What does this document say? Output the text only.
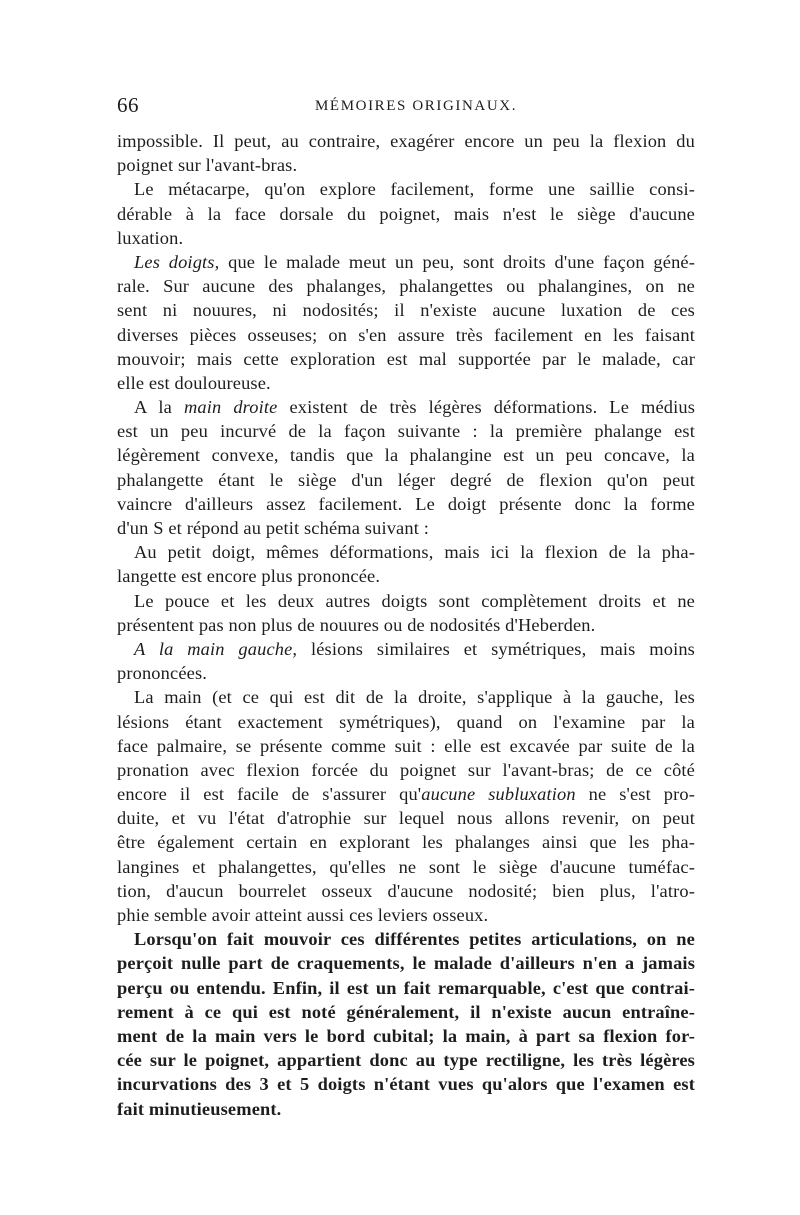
66	MÉMOIRES ORIGINAUX.
impossible. Il peut, au contraire, exagérer encore un peu la flexion du
poignet sur l'avant-bras.
Le métacarpe, qu'on explore facilement, forme une saillie consi-
dérable à la face dorsale du poignet, mais n'est le siège d'aucune
luxation.
Les doigts, que le malade meut un peu, sont droits d'une façon géné-
rale. Sur aucune des phalanges, phalangettes ou phalangines, on ne
sent ni nouures, ni nodosités; il n'existe aucune luxation de ces
diverses pièces osseuses; on s'en assure très facilement en les faisant
mouvoir; mais cette exploration est mal supportée par le malade, car
elle est douloureuse.
A la main droite existent de très légères déformations. Le médius
est un peu incurvé de la façon suivante : la première phalange est
légèrement convexe, tandis que la phalangine est un peu concave, la
phalangette étant le siège d'un léger degré de flexion qu'on peut
vaincre d'ailleurs assez facilement. Le doigt présente donc la forme
d'un S et répond au petit schéma suivant :
Au petit doigt, mêmes déformations, mais ici la flexion de la pha-
langette est encore plus prononcée.
Le pouce et les deux autres doigts sont complètement droits et ne
présentent pas non plus de nouures ou de nodosités d'Heberden.
A la main gauche, lésions similaires et symétriques, mais moins
prononcées.
La main (et ce qui est dit de la droite, s'applique à la gauche, les
lésions étant exactement symétriques), quand on l'examine par la
face palmaire, se présente comme suit : elle est excavée par suite de la
pronation avec flexion forcée du poignet sur l'avant-bras; de ce côté
encore il est facile de s'assurer qu'aucune subluxation ne s'est pro-
duite, et vu l'état d'atrophie sur lequel nous allons revenir, on peut
être également certain en explorant les phalanges ainsi que les pha-
langines et phalangettes, qu'elles ne sont le siège d'aucune tuméfac-
tion, d'aucun bourrelet osseux d'aucune nodosité; bien plus, l'atro-
phie semble avoir atteint aussi ces leviers osseux.
Lorsqu'on fait mouvoir ces différentes petites articulations, on ne
perçoit nulle part de craquements, le malade d'ailleurs n'en a jamais
perçu ou entendu. Enfin, il est un fait remarquable, c'est que contrai-
rement à ce qui est noté généralement, il n'existe aucun entraîne-
ment de la main vers le bord cubital; la main, à part sa flexion for-
cée sur le poignet, appartient donc au type rectiligne, les très légères
incurvations des 3 et 5 doigts n'étant vues qu'alors que l'examen est
fait minutieusement.
